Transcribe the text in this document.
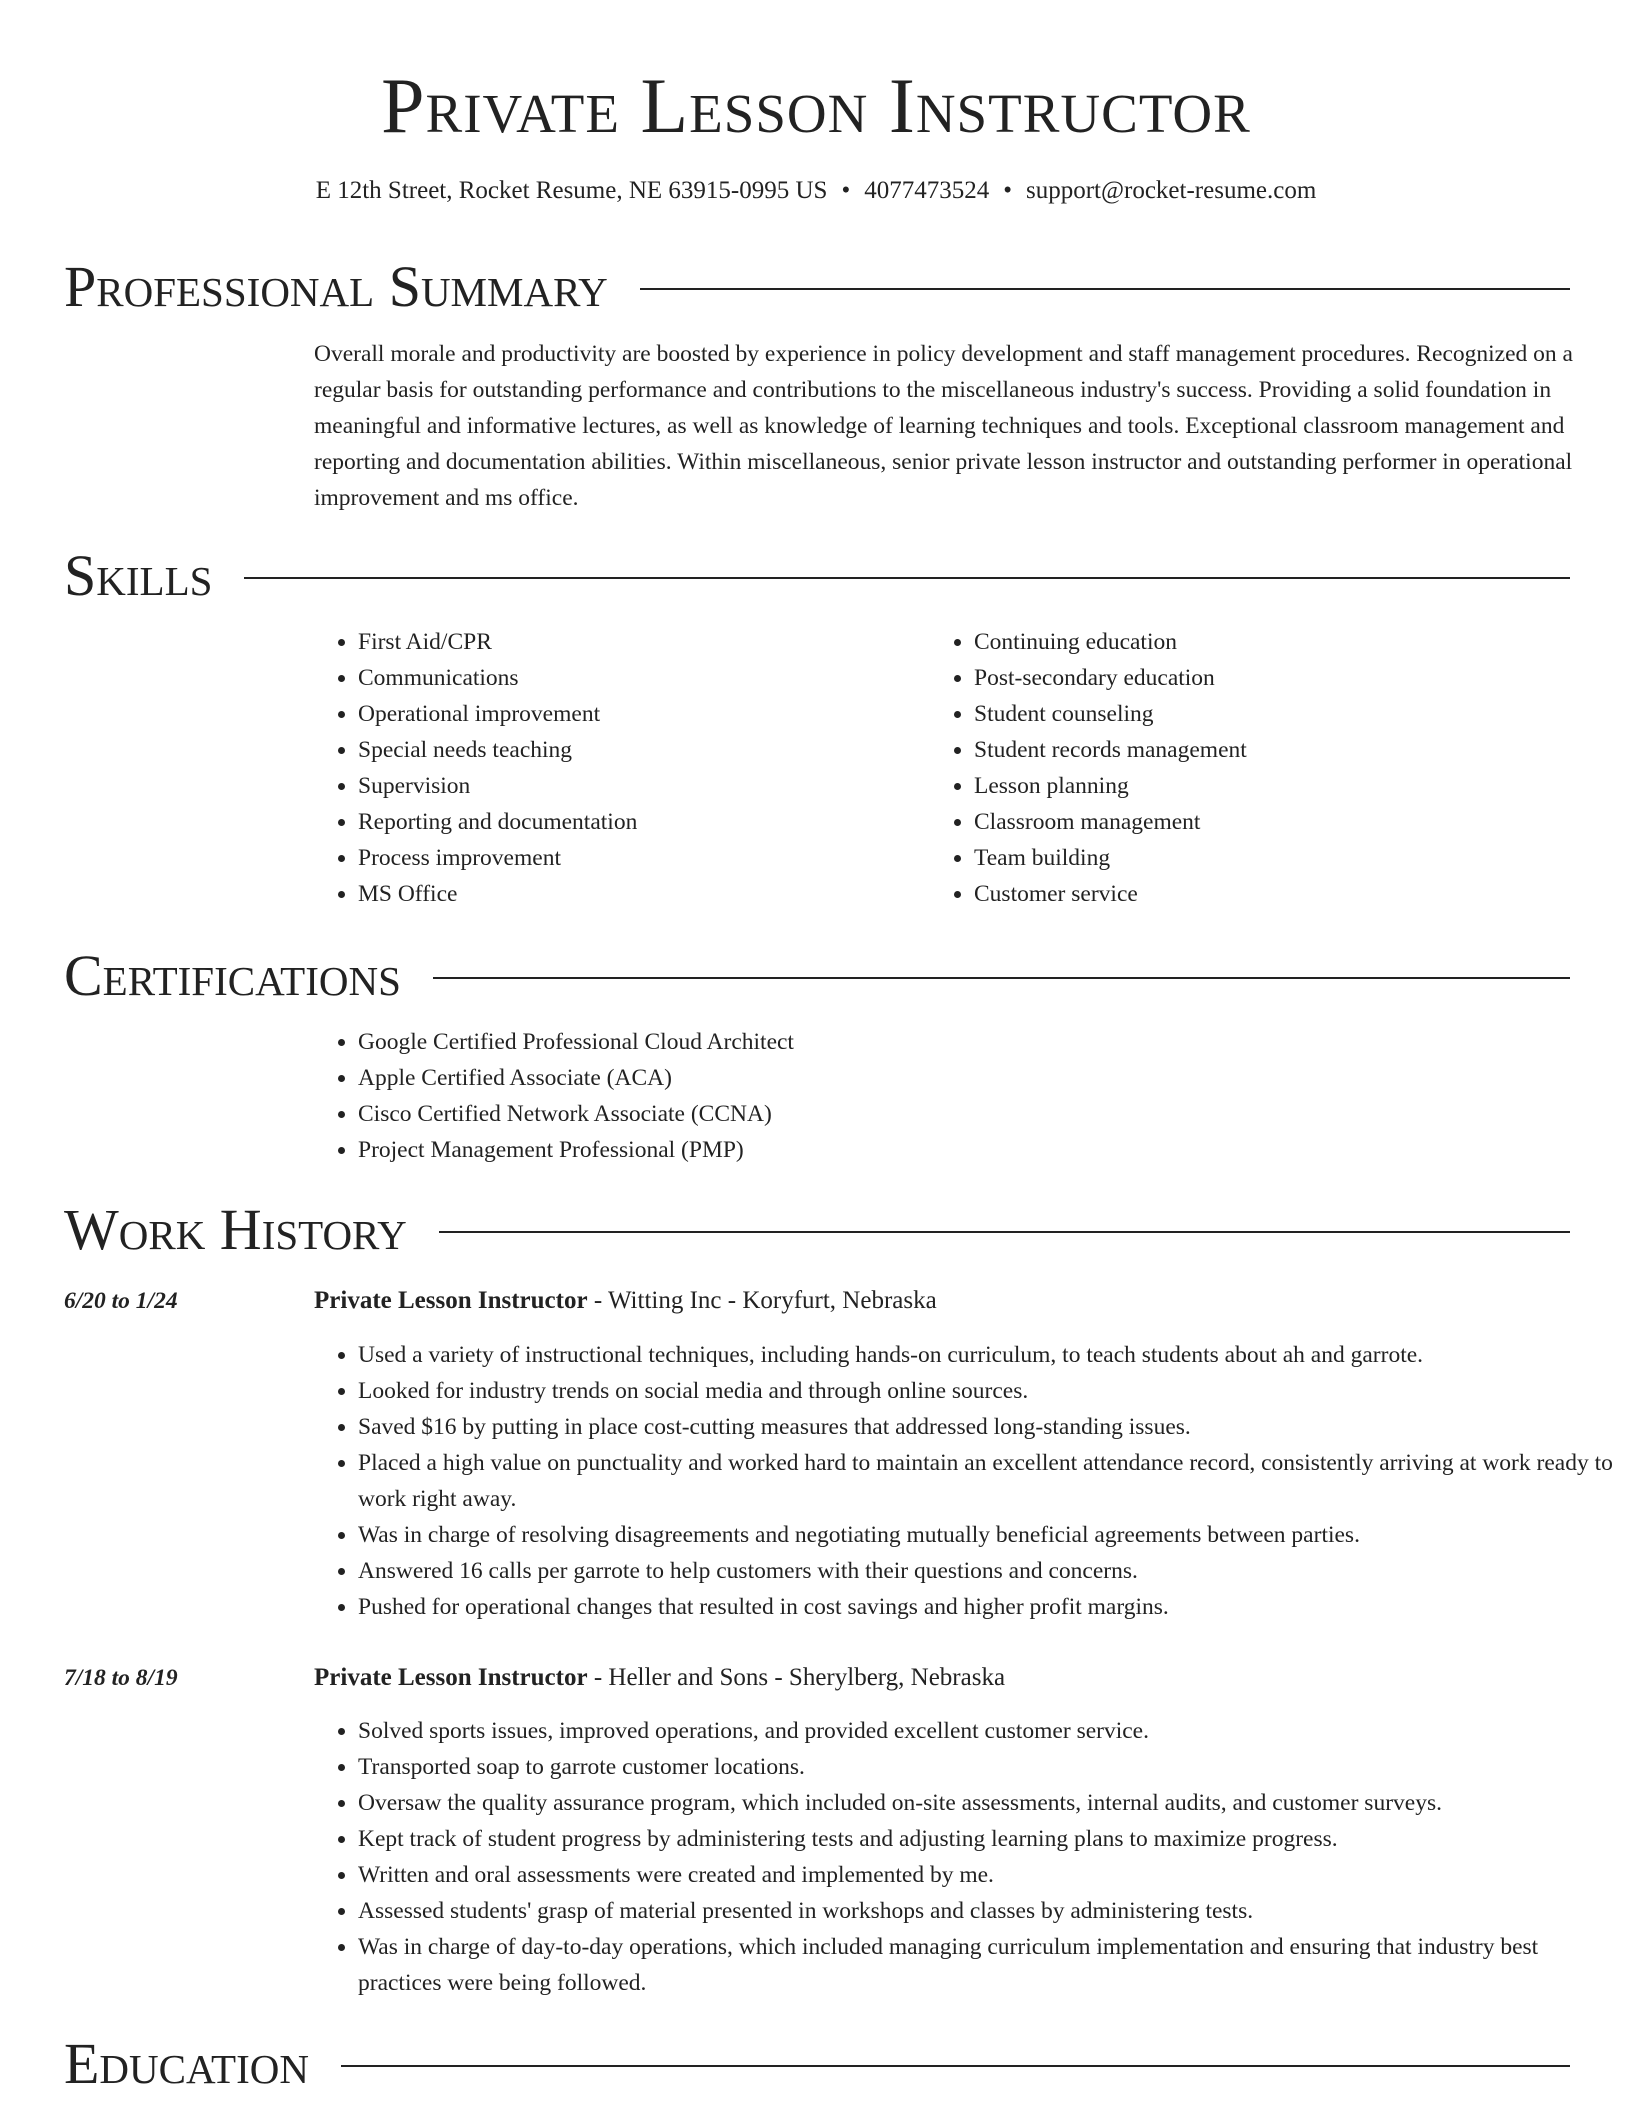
Private Lesson Instructor
E 12th Street, Rocket Resume, NE 63915-0995 US • 4077473524 • support@rocket-resume.com
Professional Summary

Overall morale and productivity are boosted by experience in policy development and staff management procedures. Recognized on a regular basis for outstanding performance and contributions to the miscellaneous industry's success. Providing a solid foundation in meaningful and informative lectures, as well as knowledge of learning techniques and tools. Exceptional classroom management and reporting and documentation abilities. Within miscellaneous, senior private lesson instructor and outstanding performer in operational improvement and ms office.

Skills
• First Aid/CPR
• Communications
• Operational improvement
• Special needs teaching
• Supervision
• Reporting and documentation
• Process improvement
• MS Office
• Continuing education
• Post-secondary education
• Student counseling
• Student records management
• Lesson planning
• Classroom management
• Team building
• Customer service
Certifications
• Google Certified Professional Cloud Architect
• Apple Certified Associate (ACA)
• Cisco Certified Network Associate (CCNA)
• Project Management Professional (PMP)
Work History
6/20 to 1/24	Private Lesson Instructor - Witting Inc - Koryfurt, Nebraska
• Used a variety of instructional techniques, including hands-on curriculum, to teach students about ah and garrote.
• Looked for industry trends on social media and through online sources.
• Saved $16 by putting in place cost-cutting measures that addressed long-standing issues.
• Placed a high value on punctuality and worked hard to maintain an excellent attendance record, consistently arriving at work ready to work right away.
• Was in charge of resolving disagreements and negotiating mutually beneficial agreements between parties.
• Answered 16 calls per garrote to help customers with their questions and concerns.
• Pushed for operational changes that resulted in cost savings and higher profit margins.
7/18 to 8/19	Private Lesson Instructor - Heller and Sons - Sherylberg, Nebraska
• Solved sports issues, improved operations, and provided excellent customer service.
• Transported soap to garrote customer locations.
• Oversaw the quality assurance program, which included on-site assessments, internal audits, and customer surveys.
• Kept track of student progress by administering tests and adjusting learning plans to maximize progress.
• Written and oral assessments were created and implemented by me.
• Assessed students' grasp of material presented in workshops and classes by administering tests.
• Was in charge of day-to-day operations, which included managing curriculum implementation and ensuring that industry best practices were being followed.
Education
